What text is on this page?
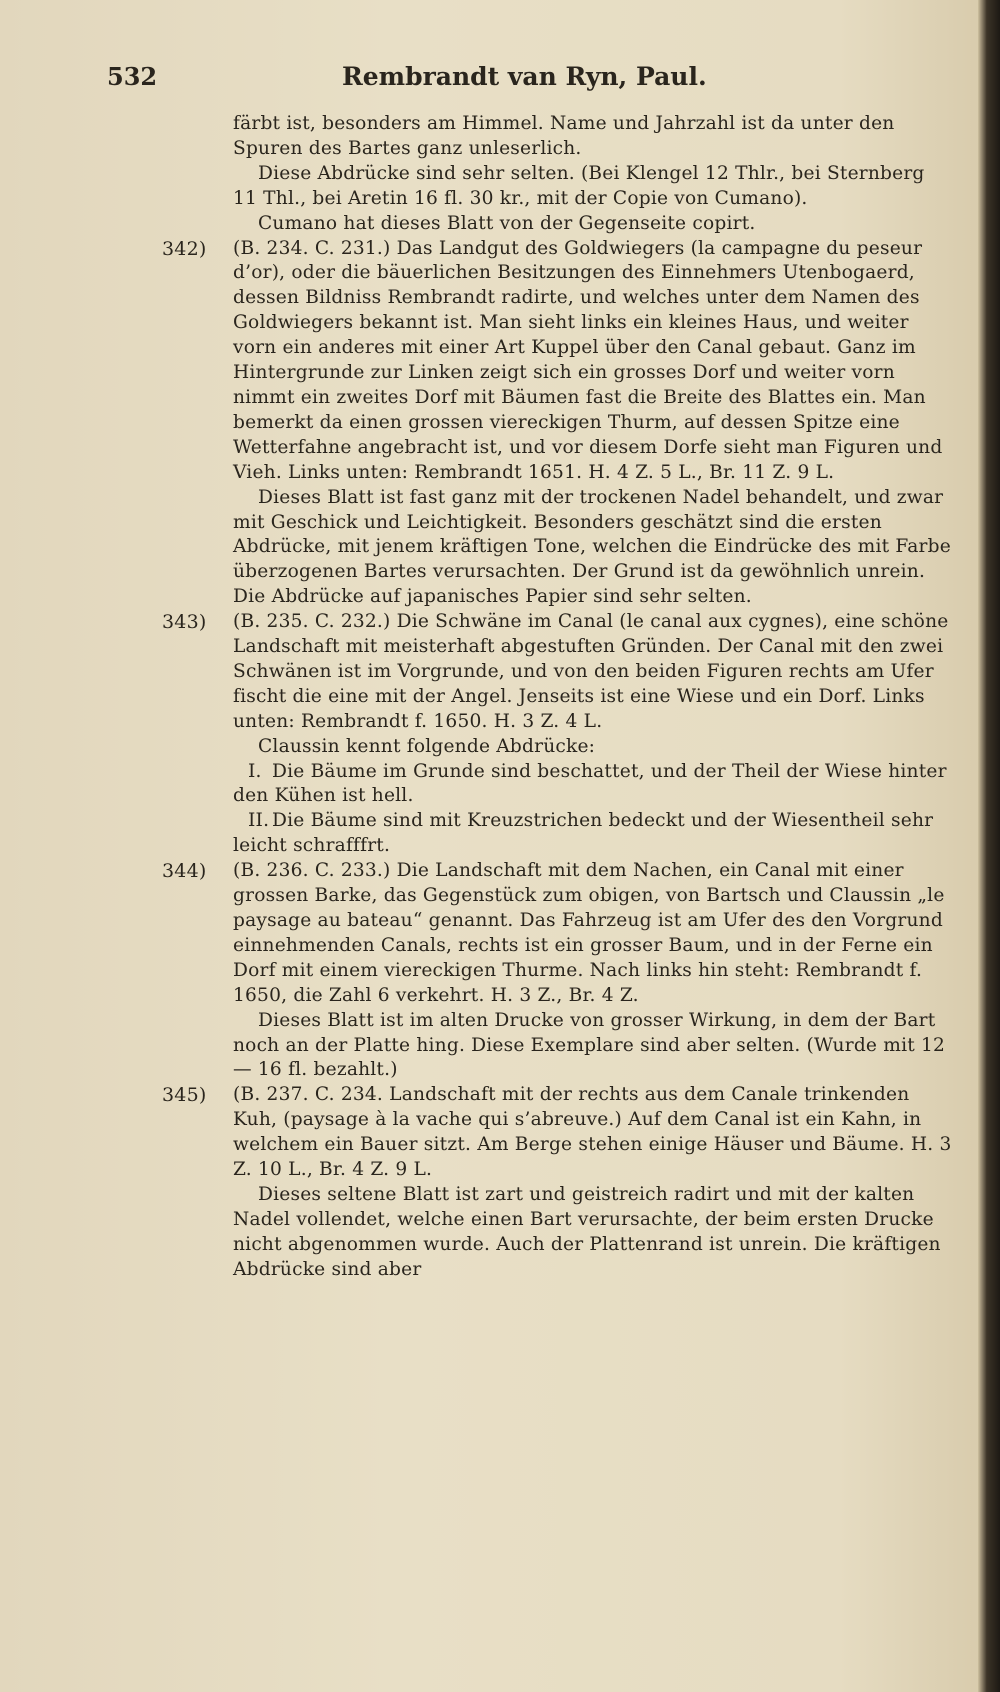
532	Rembrandt van Ryn, Paul.

färbt ist, besonders am Himmel. Name und Jahrzahl ist da unter den Spuren des Bartes ganz unleserlich.

Diese Abdrücke sind sehr selten. (Bei Klengel 12 Thlr., bei Sternberg 11 Thl., bei Aretin 16 fl. 30 kr., mit der Copie von Cumano).

Cumano hat dieses Blatt von der Gegenseite copirt.

342) (B. 234. C. 231.) Das Landgut des Goldwiegers (la campagne du peseur d’or), oder die bäuerlichen Besitzungen des Einnehmers Utenbogaerd, dessen Bildniss Rembrandt radirte, und welches unter dem Namen des Goldwiegers bekannt ist. Man sieht links ein kleines Haus, und weiter vorn ein anderes mit einer Art Kuppel über den Canal gebaut. Ganz im Hintergrunde zur Linken zeigt sich ein grosses Dorf und weiter vorn nimmt ein zweites Dorf mit Bäumen fast die Breite des Blattes ein. Man bemerkt da einen grossen viereckigen Thurm, auf dessen Spitze eine Wetterfahne angebracht ist, und vor diesem Dorfe sieht man Figuren und Vieh. Links unten: Rembrandt 1651. H. 4 Z. 5 L., Br. 11 Z. 9 L.

Dieses Blatt ist fast ganz mit der trockenen Nadel behandelt, und zwar mit Geschick und Leichtigkeit. Besonders geschätzt sind die ersten Abdrücke, mit jenem kräftigen Tone, welchen die Eindrücke des mit Farbe überzogenen Bartes verursachten. Der Grund ist da gewöhnlich unrein. Die Abdrücke auf japanisches Papier sind sehr selten.

343) (B. 235. C. 232.) Die Schwäne im Canal (le canal aux cygnes), eine schöne Landschaft mit meisterhaft abgestuften Gründen. Der Canal mit den zwei Schwänen ist im Vorgrunde, und von den beiden Figuren rechts am Ufer fischt die eine mit der Angel. Jenseits ist eine Wiese und ein Dorf. Links unten: Rembrandt f. 1650. H. 3 Z. 4 L.

Claussin kennt folgende Abdrücke:

I. Die Bäume im Grunde sind beschattet, und der Theil der Wiese hinter den Kühen ist hell.

II. Die Bäume sind mit Kreuzstrichen bedeckt und der Wiesentheil sehr leicht schrafffrt.

344) (B. 236. C. 233.) Die Landschaft mit dem Nachen, ein Canal mit einer grossen Barke, das Gegenstück zum obigen, von Bartsch und Claussin „le paysage au bateau“ genannt. Das Fahrzeug ist am Ufer des den Vorgrund einnehmenden Canals, rechts ist ein grosser Baum, und in der Ferne ein Dorf mit einem viereckigen Thurme. Nach links hin steht: Rembrandt f. 1650, die Zahl 6 verkehrt. H. 3 Z., Br. 4 Z.

Dieses Blatt ist im alten Drucke von grosser Wirkung, in dem der Bart noch an der Platte hing. Diese Exemplare sind aber selten. (Wurde mit 12 — 16 fl. bezahlt.)

345) (B. 237. C. 234. Landschaft mit der rechts aus dem Canale trinkenden Kuh, (paysage à la vache qui s’abreuve.) Auf dem Canal ist ein Kahn, in welchem ein Bauer sitzt. Am Berge stehen einige Häuser und Bäume. H. 3 Z. 10 L., Br. 4 Z. 9 L.

Dieses seltene Blatt ist zart und geistreich radirt und mit der kalten Nadel vollendet, welche einen Bart verursachte, der beim ersten Drucke nicht abgenommen wurde. Auch der Plattenrand ist unrein. Die kräftigen Abdrücke sind aber
